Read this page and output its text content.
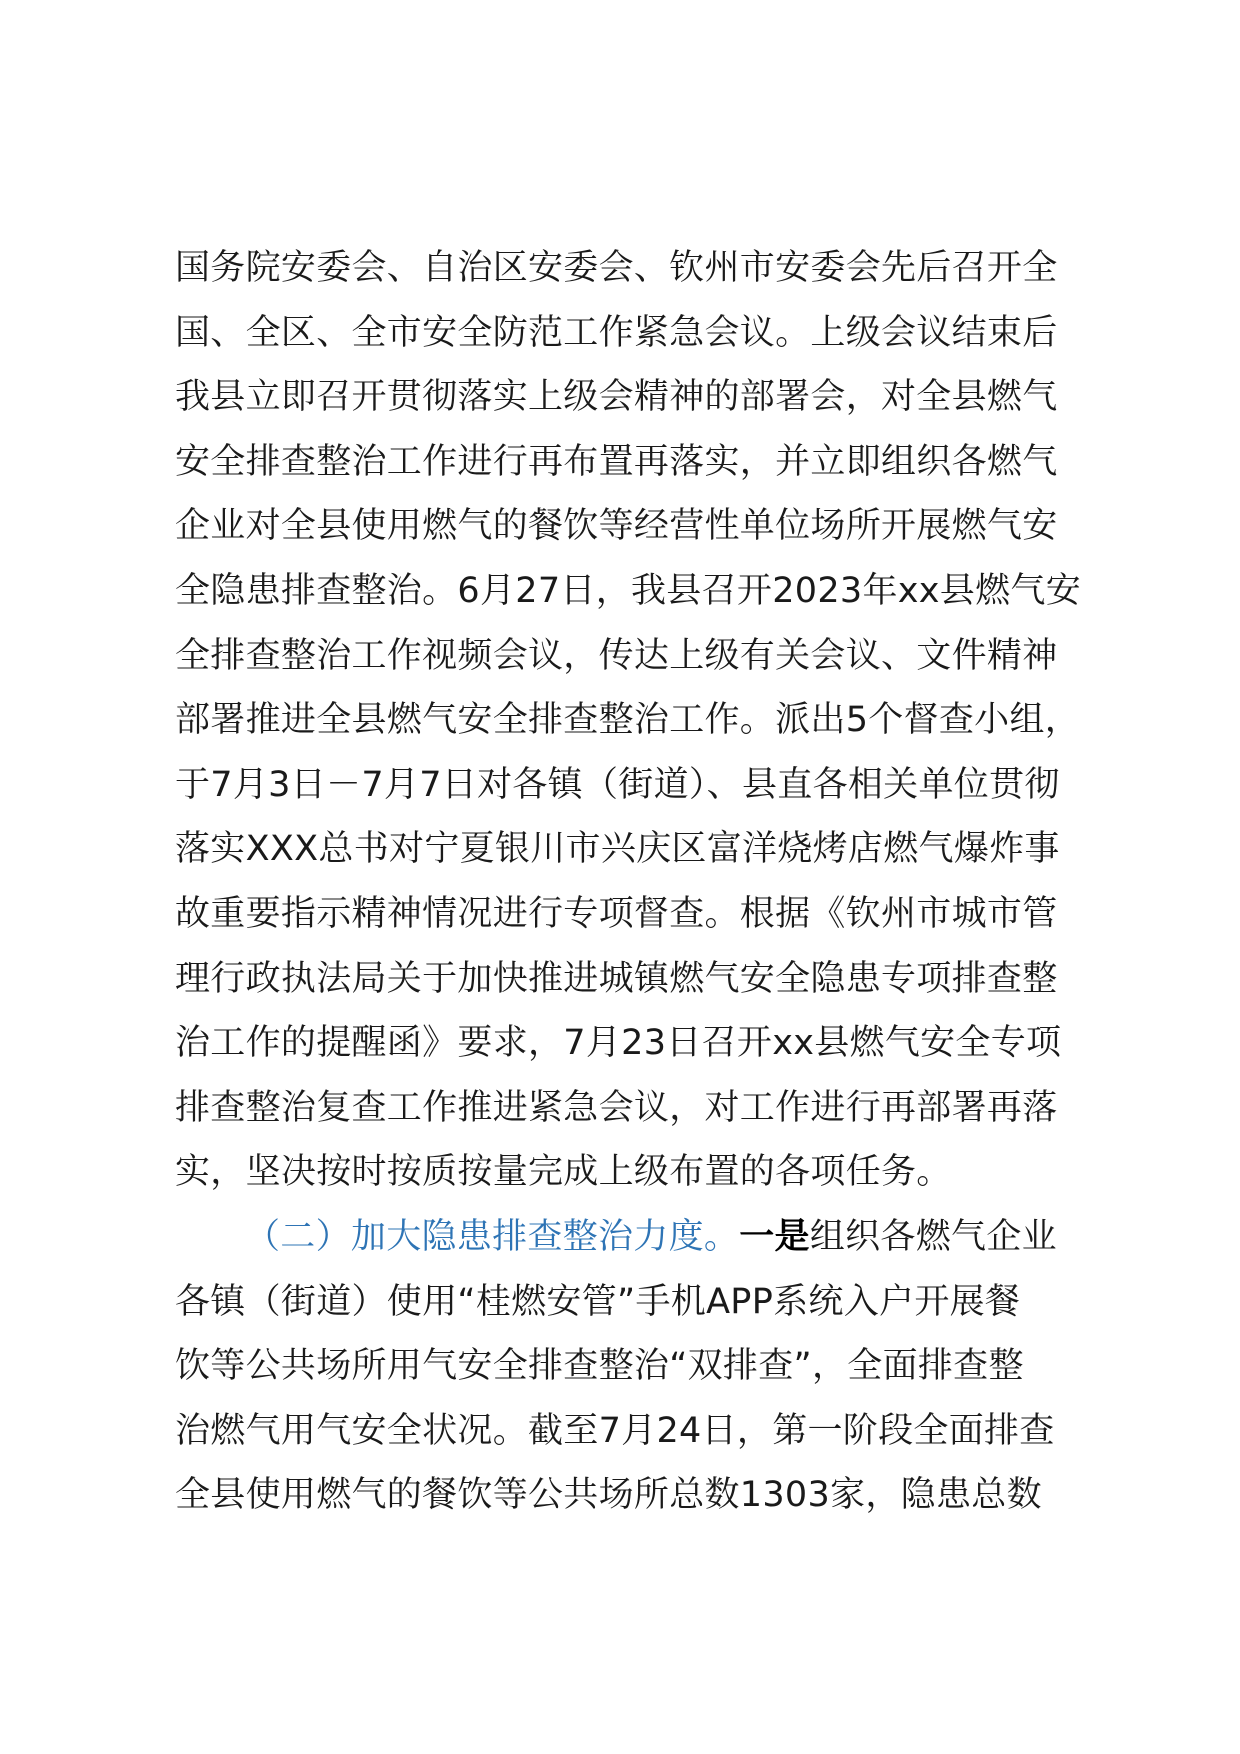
国务院安委会、自治区安委会、钦州市安委会先后召开全
国、全区、全市安全防范工作紧急会议。上级会议结束后
我县立即召开贯彻落实上级会精神的部署会，对全县燃气
安全排查整治工作进行再布置再落实，并立即组织各燃气
企业对全县使用燃气的餐饮等经营性单位场所开展燃气安
全隐患排查整治。6月27日，我县召开2023年xx县燃气安
全排查整治工作视频会议，传达上级有关会议、文件精神
部署推进全县燃气安全排查整治工作。派出5个督查小组，
于7月3日－7月7日对各镇（街道）、县直各相关单位贯彻
落实XXX总书对宁夏银川市兴庆区富洋烧烤店燃气爆炸事
故重要指示精神情况进行专项督查。根据《钦州市城市管
理行政执法局关于加快推进城镇燃气安全隐患专项排查整
治工作的提醒函》要求，7月23日召开xx县燃气安全专项
排查整治复查工作推进紧急会议，对工作进行再部署再落
实，坚决按时按质按量完成上级布置的各项任务。
（二）加大隐患排查整治力度。一是组织各燃气企业
各镇（街道）使用“桂燃安管”手机APP系统入户开展餐
饮等公共场所用气安全排查整治“双排查”，全面排查整
治燃气用气安全状况。截至7月24日，第一阶段全面排查
全县使用燃气的餐饮等公共场所总数1303家，隐患总数
